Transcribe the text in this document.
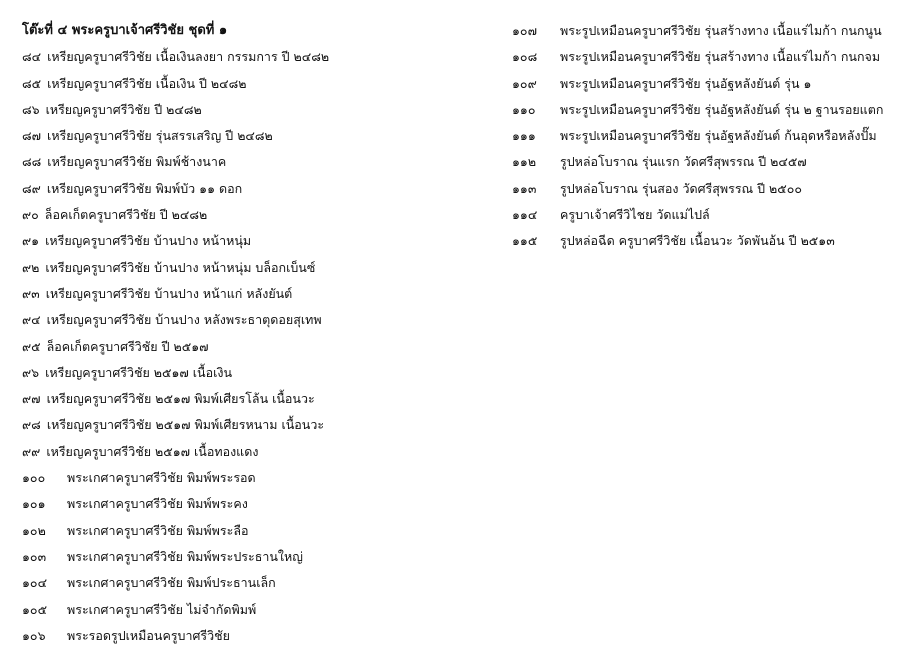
โต๊ะที่ ๔ พระครูบาเจ้าศรีวิชัย ชุดที่ ๑
๘๔ เหรียญครูบาศรีวิชัย เนื้อเงินลงยา กรรมการ ปี ๒๔๘๒
๘๕ เหรียญครูบาศรีวิชัย เนื้อเงิน ปี ๒๔๘๒
๘๖ เหรียญครูบาศรีวิชัย ปี ๒๔๘๒
๘๗ เหรียญครูบาศรีวิชัย รุ่นสรรเสริญ ปี ๒๔๘๒
๘๘ เหรียญครูบาศรีวิชัย พิมพ์ช้างนาค
๘๙ เหรียญครูบาศรีวิชัย พิมพ์บัว ๑๑ ดอก
๙๐ ล็อคเก็ตครูบาศรีวิชัย ปี ๒๔๘๒
๙๑ เหรียญครูบาศรีวิชัย บ้านปาง หน้าหนุ่ม
๙๒ เหรียญครูบาศรีวิชัย บ้านปาง หน้าหนุ่ม บล็อกเบ็นซ์
๙๓ เหรียญครูบาศรีวิชัย บ้านปาง หน้าแก่ หลังยันต์
๙๔ เหรียญครูบาศรีวิชัย บ้านปาง หลังพระธาตุดอยสุเทพ
๙๕ ล็อคเก็ตครูบาศรีวิชัย ปี ๒๕๑๗
๙๖ เหรียญครูบาศรีวิชัย ๒๕๑๗ เนื้อเงิน
๙๗ เหรียญครูบาศรีวิชัย ๒๕๑๗ พิมพ์เศียรโล้น เนื้อนวะ
๙๘ เหรียญครูบาศรีวิชัย ๒๕๑๗ พิมพ์เศียรหนาม เนื้อนวะ
๙๙ เหรียญครูบาศรีวิชัย ๒๕๑๗ เนื้อทองแดง
๑๐๐	พระเกศาครูบาศรีวิชัย พิมพ์พระรอด
๑๐๑	พระเกศาครูบาศรีวิชัย พิมพ์พระคง
๑๐๒	พระเกศาครูบาศรีวิชัย พิมพ์พระลือ
๑๐๓	พระเกศาครูบาศรีวิชัย พิมพ์พระประธานใหญ่
๑๐๔	พระเกศาครูบาศรีวิชัย พิมพ์ประธานเล็ก
๑๐๕	พระเกศาครูบาศรีวิชัย ไม่จำกัดพิมพ์
๑๐๖	พระรอดรูปเหมือนครูบาศรีวิชัย
๑๐๗	พระรูปเหมือนครูบาศรีวิชัย รุ่นสร้างทาง เนื้อแร่ไมก้า กนกนูน
๑๐๘	พระรูปเหมือนครูบาศรีวิชัย รุ่นสร้างทาง เนื้อแร่ไมก้า กนกจม
๑๐๙	พระรูปเหมือนครูบาศรีวิชัย รุ่นอัฐหลังยันต์ รุ่น ๑
๑๑๐	พระรูปเหมือนครูบาศรีวิชัย รุ่นอัฐหลังยันต์ รุ่น ๒ ฐานรอยแตก
๑๑๑	พระรูปเหมือนครูบาศรีวิชัย รุ่นอัฐหลังยันต์ ก้นอุดหรือหลังปั๊ม
๑๑๒	รูปหล่อโบราณ รุ่นแรก วัดศรีสุพรรณ ปี ๒๔๕๗
๑๑๓	รูปหล่อโบราณ รุ่นสอง วัดศรีสุพรรณ ปี ๒๕๐๐
๑๑๔	ครูบาเจ้าศรีวิไชย วัดแม่ไปล์
๑๑๕	รูปหล่อฉีด ครูบาศรีวิชัย เนื้อนวะ วัดพันอ้น ปี ๒๕๑๓
